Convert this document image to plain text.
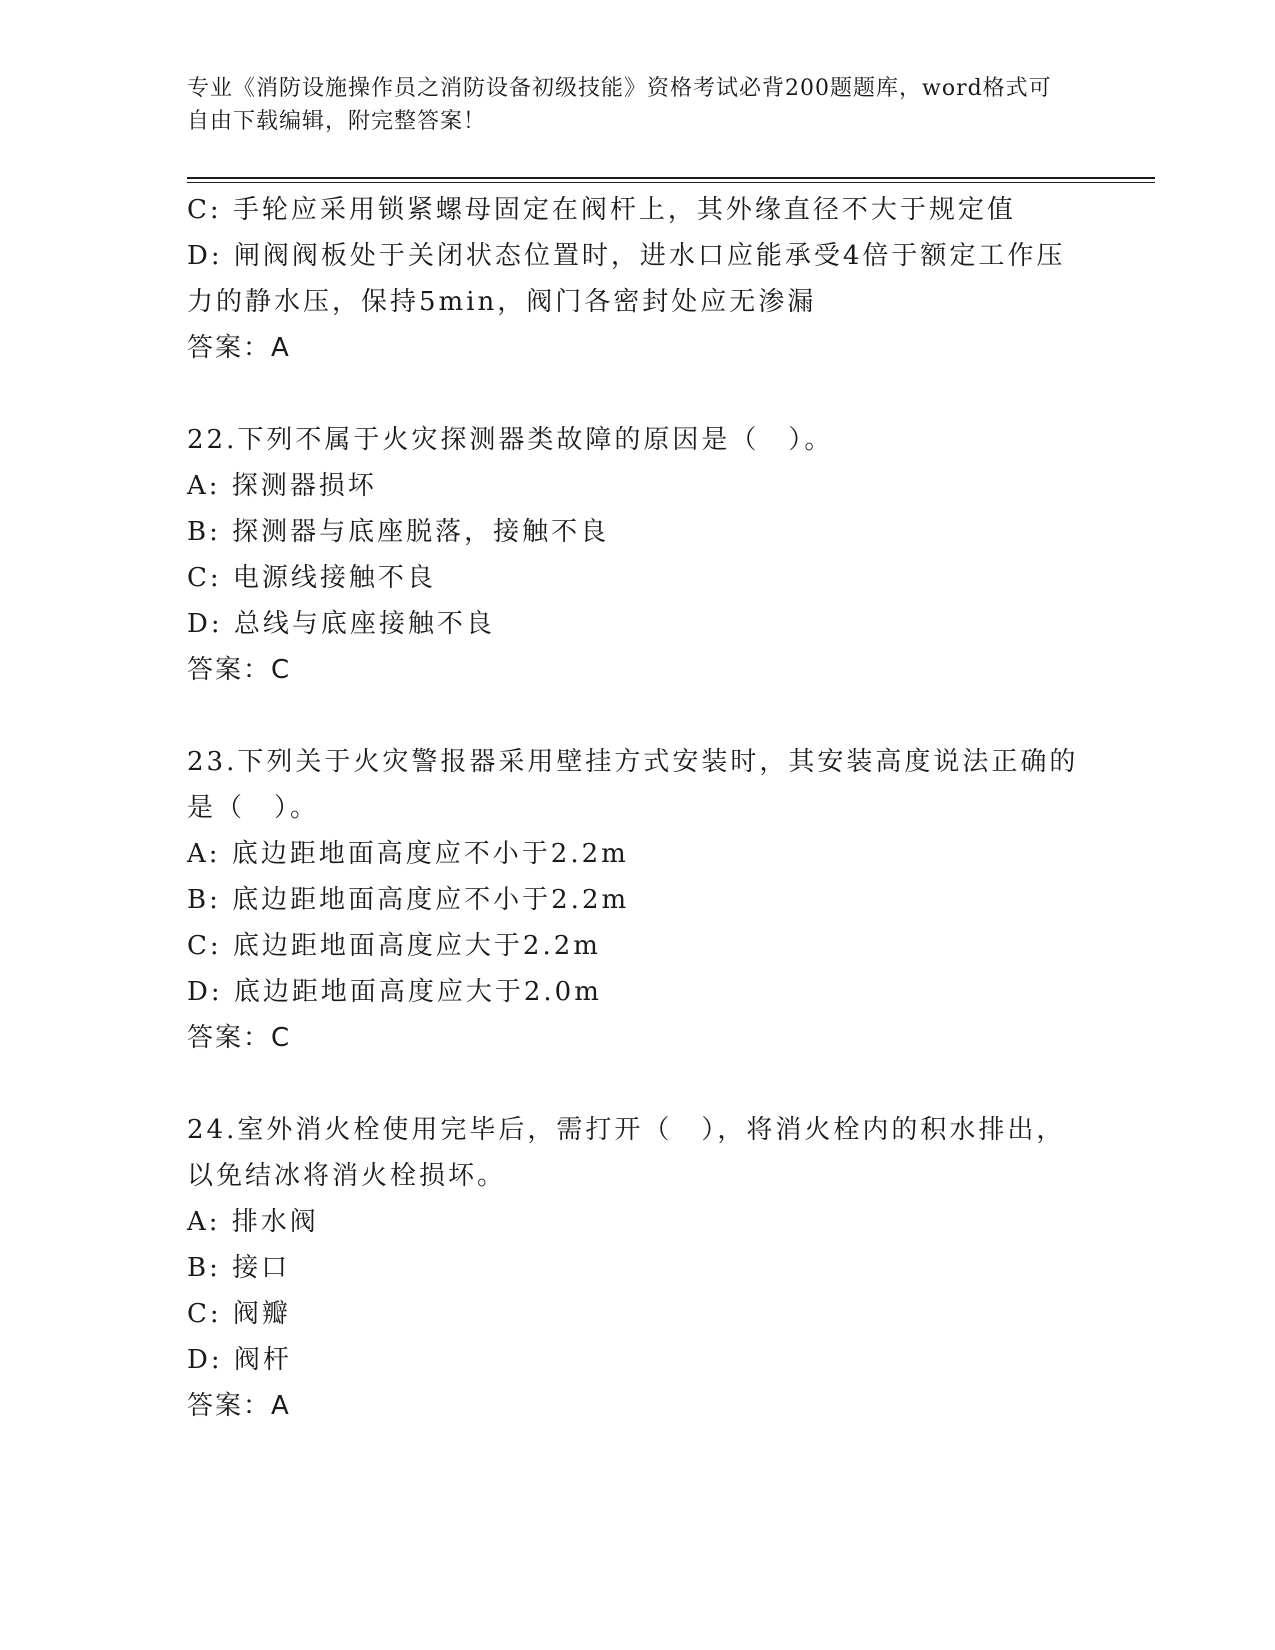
专业《消防设施操作员之消防设备初级技能》资格考试必背200题题库，word格式可自由下载编辑，附完整答案！
C: 手轮应采用锁紧螺母固定在阀杆上，其外缘直径不大于规定值
D: 闸阀阀板处于关闭状态位置时，进水口应能承受4倍于额定工作压
力的静水压，保持5min，阀门各密封处应无渗漏
答案：A
22.下列不属于火灾探测器类故障的原因是（　）。
A: 探测器损坏
B: 探测器与底座脱落，接触不良
C: 电源线接触不良
D: 总线与底座接触不良
答案：C
23.下列关于火灾警报器采用壁挂方式安装时，其安装高度说法正确的
是（　）。
A: 底边距地面高度应不小于2.2m
B: 底边距地面高度应不小于2.2m
C: 底边距地面高度应大于2.2m
D: 底边距地面高度应大于2.0m
答案：C
24.室外消火栓使用完毕后，需打开（　），将消火栓内的积水排出，
以免结冰将消火栓损坏。
A: 排水阀
B: 接口
C: 阀瓣
D: 阀杆
答案：A
